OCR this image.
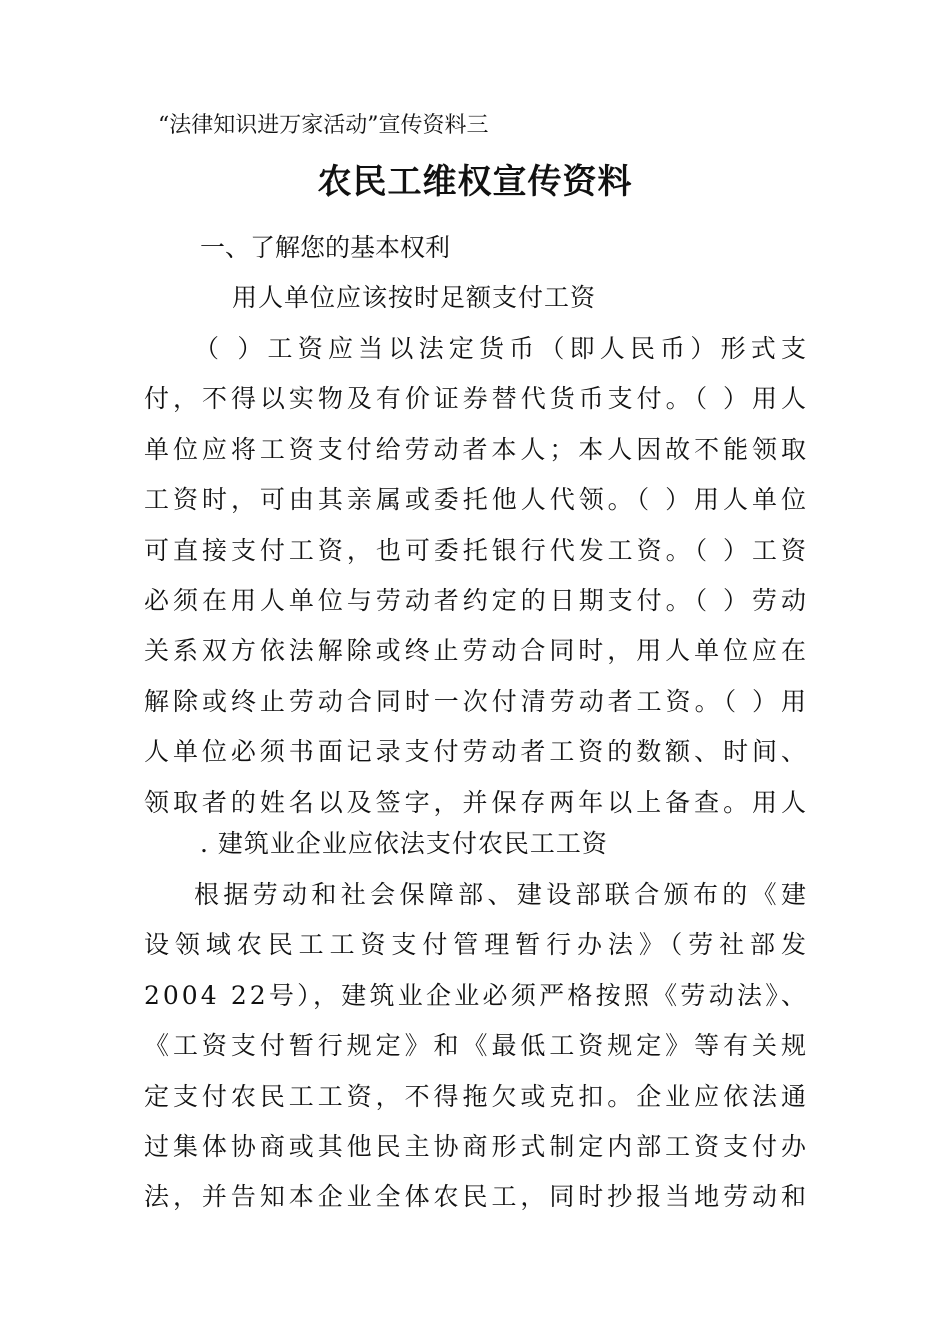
“法律知识进万家活动”宣传资料三
农民工维权宣传资料
一、了解您的基本权利
用人单位应该按时足额支付工资

（ ）工资应当以法定货币（即人民币）形式支付，不得以实物及有价证券替代货币支付。（ ）用人单位应将工资支付给劳动者本人；本人因故不能领取工资时，可由其亲属或委托他人代领。（ ）用人单位可直接支付工资，也可委托银行代发工资。（ ）工资必须在用人单位与劳动者约定的日期支付。（ ）劳动关系双方依法解除或终止劳动合同时，用人单位应在解除或终止劳动合同时一次付清劳动者工资。（ ）用人单位必须书面记录支付劳动者工资的数额、时间、领取者的姓名以及签字，并保存两年以上备查。用人

. 建筑业企业应依法支付农民工工资

根据劳动和社会保障部、建设部联合颁布的《建设领域农民工工资支付管理暂行办法》（劳社部发 2004 22号），建筑业企业必须严格按照《劳动法》、《工资支付暂行规定》和《最低工资规定》等有关规定支付农民工工资，不得拖欠或克扣。企业应依法通过集体协商或其他民主协商形式制定内部工资支付办法，并告知本企业全体农民工，同时抄报当地劳动和
